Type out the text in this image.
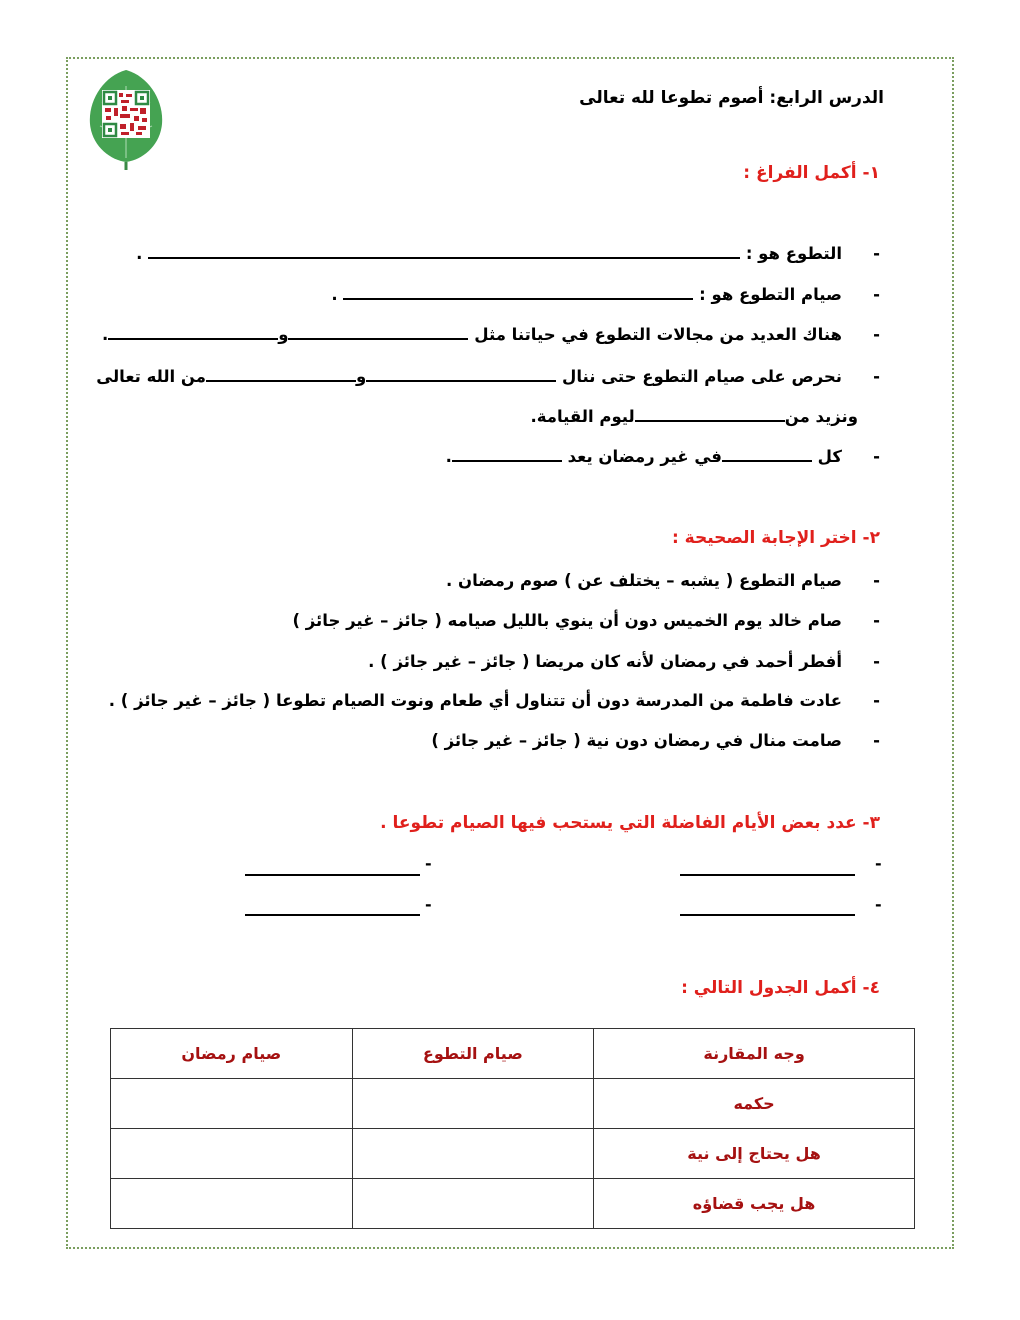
الدرس الرابع: أصوم تطوعا لله تعالى
١- أكمل الفراغ :
-التطوع هو :  .
-صيام التطوع هو :  .
-هناك العديد من مجالات التطوع في حياتنا مثل و.
-نحرص على صيام التطوع حتى ننال ومن الله تعالى
ونزيد منليوم القيامة.
-كل في غير رمضان يعد .
٢- اختر الإجابة الصحيحة :
-صيام التطوع ( يشبه – يختلف عن ) صوم رمضان .
-صام خالد يوم الخميس دون أن ينوي بالليل صيامه ( جائز – غير جائز )
-أفطر أحمد في رمضان لأنه كان مريضا ( جائز – غير جائز ) .
-عادت فاطمة من المدرسة دون أن تتناول أي طعام ونوت الصيام تطوعا ( جائز – غير جائز ) .
-صامت منال في رمضان دون نية ( جائز – غير جائز )
٣- عدد بعض الأيام الفاضلة التي يستحب فيها الصيام تطوعا .
-
-
-
-
٤- أكمل الجدول التالي :
وجه المقارنة	صيام التطوع	صيام رمضان
حكمه		
هل يحتاج إلى نية		
هل يجب قضاؤه		
